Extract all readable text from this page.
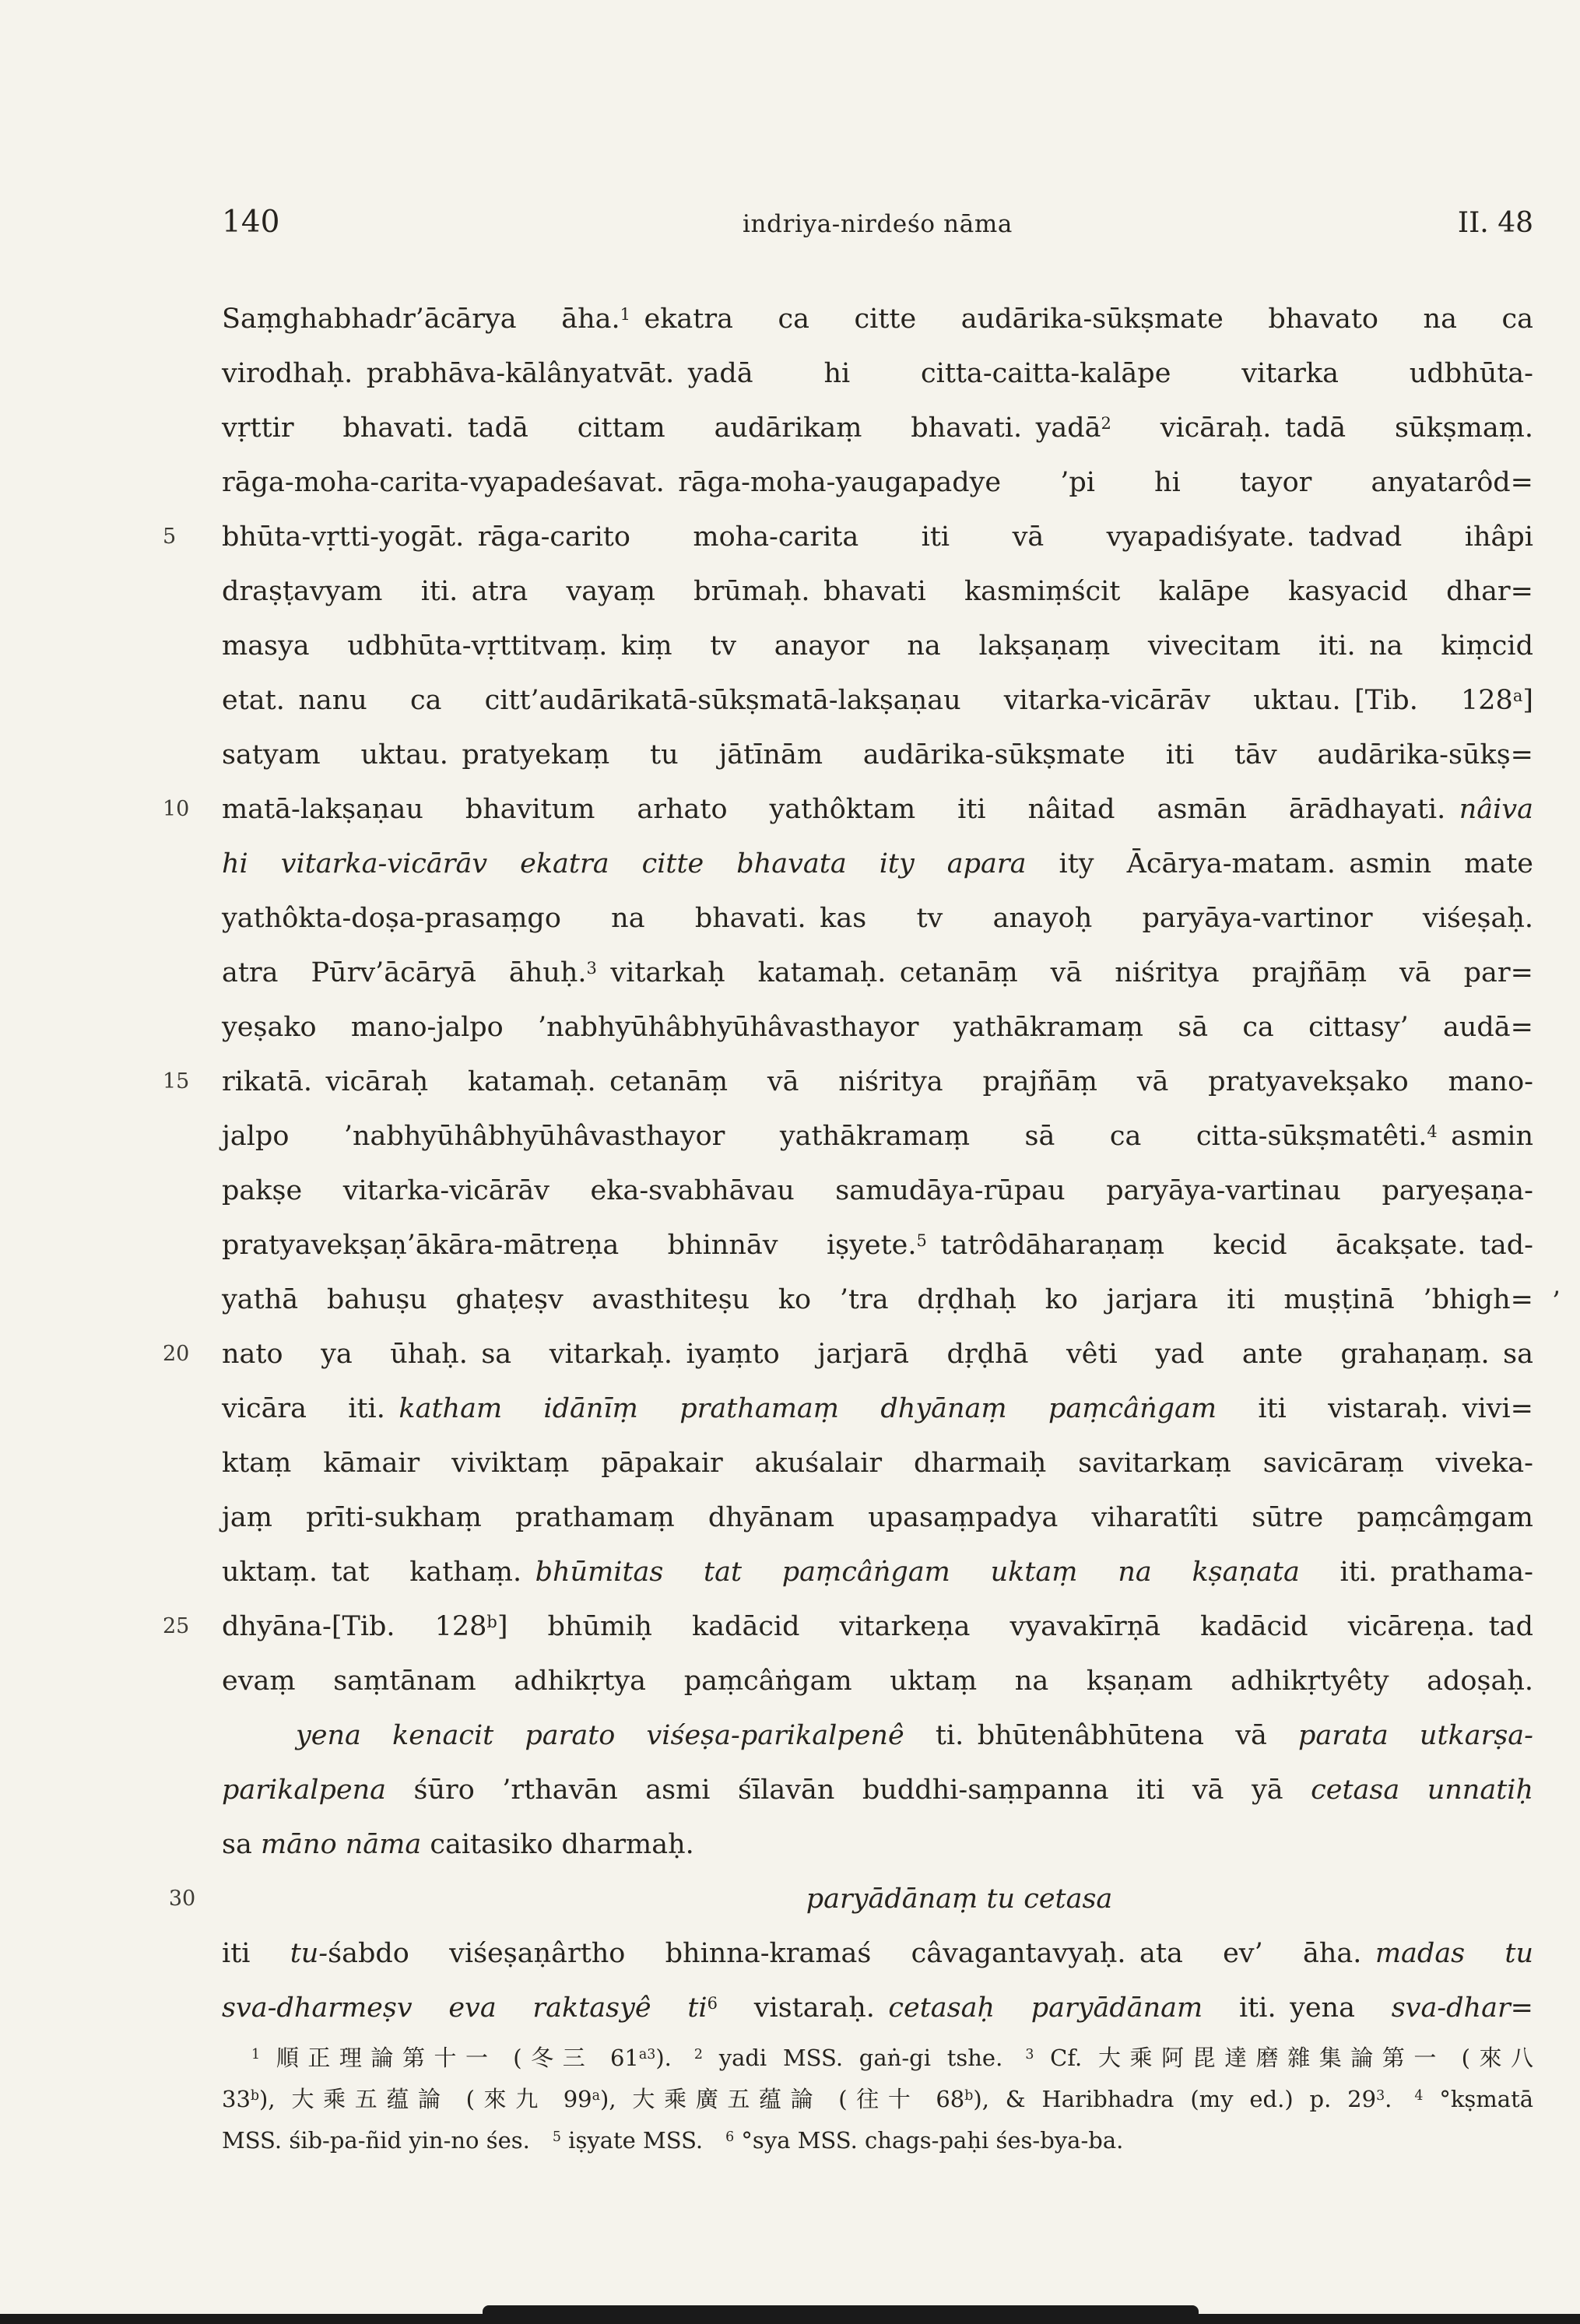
140	indriya-nirdeśo nāma	II. 48
Saṃghabhadr’ācārya āha.$^1$ ekatra ca citte audārika-sūkṣmate bhavato na ca
virodhaḥ. prabhāva-kālânyatvāt. yadā hi citta-caitta-kalāpe vitarka udbhūta-
vṛttir bhavati. tadā cittam audārikaṃ bhavati. yadā$^2$ vicāraḥ. tadā sūkṣmaṃ.
rāga-moha-carita-vyapadeśavat. rāga-moha-yaugapadye ’pi hi tayor anyatarôd=
5	bhūta-vṛtti-yogāt. rāga-carito moha-carita iti vā vyapadiśyate. tadvad ihâpi
draṣṭavyam iti. atra vayaṃ brūmaḥ. bhavati kasmiṃścit kalāpe kasyacid dhar=
masya udbhūta-vṛttitvaṃ. kiṃ tv anayor na lakṣaṇaṃ vivecitam iti. na kiṃcid
etat. nanu ca citt’audārikatā-sūkṣmatā-lakṣaṇau vitarka-vicārāv uktau. [Tib. 128$^a$]
satyam uktau. pratyekaṃ tu jātīnām audārika-sūkṣmate iti tāv audārika-sūkṣ=
10	matā-lakṣaṇau bhavitum arhato yathôktam iti nâitad asmān ārādhayati. nâiva
hi vitarka-vicārāv ekatra citte bhavata ity apara ity Ācārya-matam. asmin mate
yathôkta-doṣa-prasaṃgo na bhavati. kas tv anayoḥ paryāya-vartinor viśeṣaḥ.
atra Pūrv’ācāryā āhuḥ.$^3$ vitarkaḥ katamaḥ. cetanāṃ vā niśritya prajñāṃ vā par=
yeṣako mano-jalpo ’nabhyūhâbhyūhâvasthayor yathākramaṃ sā ca cittasy’ audā=
15	rikatā. vicāraḥ katamaḥ. cetanāṃ vā niśritya prajñāṃ vā pratyavekṣako mano-
jalpo ’nabhyūhâbhyūhâvasthayor yathākramaṃ sā ca citta-sūkṣmatêti.$^4$ asmin
pakṣe vitarka-vicārāv eka-svabhāvau samudāya-rūpau paryāya-vartinau paryeṣaṇa-
pratyavekṣaṇ’ākāra-mātreṇa bhinnāv iṣyete.$^5$ tatrôdāharaṇaṃ kecid ācakṣate. tad-
yathā bahuṣu ghaṭeṣv avasthiteṣu ko ’tra dṛḍhaḥ ko jarjara iti muṣṭinā ’bhigh=
20	nato ya ūhaḥ. sa vitarkaḥ. iyaṃto jarjarā dṛḍhā vêti yad ante grahaṇaṃ. sa
vicāra iti. katham idānīṃ prathamaṃ dhyānaṃ paṃcâṅgam iti vistaraḥ. vivi=
ktaṃ kāmair viviktaṃ pāpakair akuśalair dharmaiḥ savitarkaṃ savicāraṃ viveka-
jaṃ prīti-sukhaṃ prathamaṃ dhyānam upasaṃpadya viharatîti sūtre paṃcâṃgam
uktaṃ. tat kathaṃ. bhūmitas tat paṃcâṅgam uktaṃ na kṣaṇata iti. prathama-
25	dhyāna-[Tib. 128$^b$] bhūmiḥ kadācid vitarkeṇa vyavakīrṇā kadācid vicāreṇa. tad
evaṃ saṃtānam adhikṛtya paṃcâṅgam uktaṃ na kṣaṇam adhikṛtyêty adoṣaḥ.
yena kenacit parato viśeṣa-parikalpenê ti. bhūtenâbhūtena vā parata utkarṣa-
parikalpena śūro ’rthavān asmi śīlavān buddhi-saṃpanna iti vā yā cetasa unnatiḥ
sa māno nāma caitasiko dharmaḥ.
30	paryādānaṃ tu cetasa
iti tu-śabdo viśeṣaṇârtho bhinna-kramaś câvagantavyaḥ. ata ev’ āha. madas tu
sva-dharmeṣv eva raktasyê $ti^6$ vistaraḥ. cetasaḥ paryādānam iti. yena sva-dhar=
$^1$ 順正理論第十一 (冬三 $61^{a3}$). $^2$ yadi MSS. gaṅ-gi tshe. $^3$ Cf. 大乘阿毘達磨雜集論第一 (來八
33$^b$), 大乘五蕴論 (來九 99$^a$), 大乘廣五蕴論 (往十 68$^b$), & Haribhadra (my ed.) p. $29^3$. $^4$ °kṣmatā
MSS. śib-pa-ñid yin-no śes. $^5$ iṣyate MSS. $^6$ °sya MSS. chags-paḥi śes-bya-ba.
’
